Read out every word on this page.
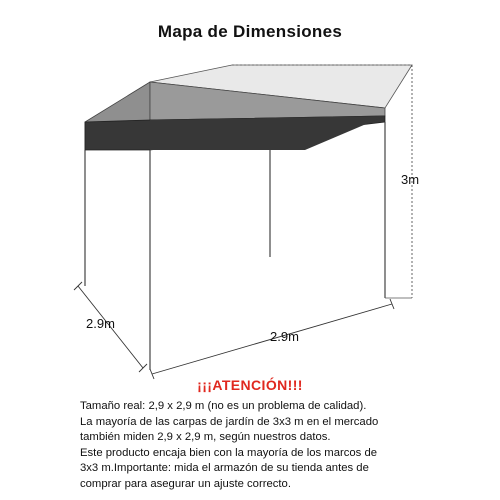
Mapa de Dimensiones
3m
2.9m
2.9m
¡¡¡ATENCIÓN!!!
Tamaño real: 2,9 x 2,9 m (no es un problema de calidad).
La mayoría de las carpas de jardín de 3x3 m en el mercado
también miden 2,9 x 2,9 m, según nuestros datos.
Este producto encaja bien con la mayoría de los marcos de
3x3 m.Importante: mida el armazón de su tienda antes de
comprar para asegurar un ajuste correcto.
